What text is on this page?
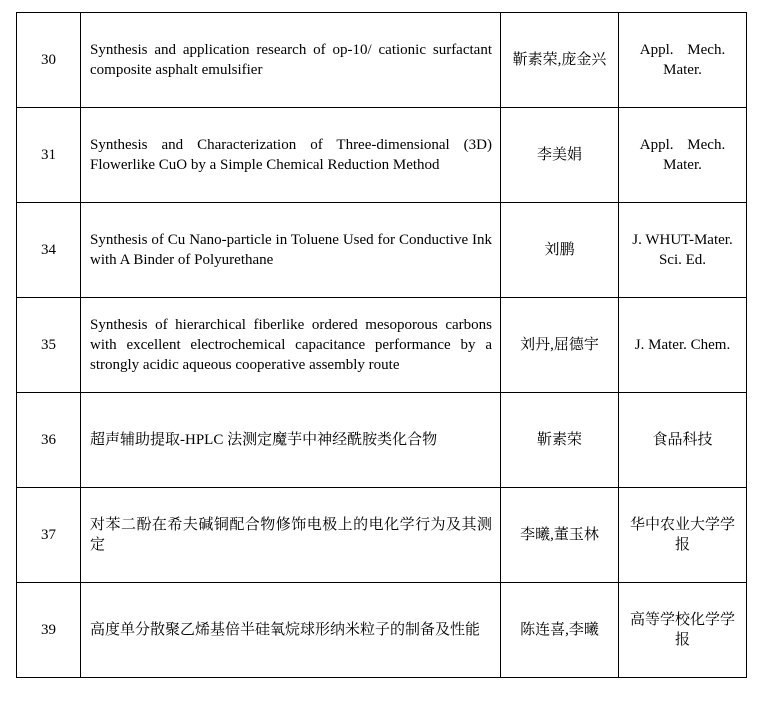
30	Synthesis and application research of op-10/ cationic surfactant composite asphalt emulsifier	靳素荣,庞金兴	Appl. Mech. Mater.
31	Synthesis and Characterization of Three-dimensional (3D) Flowerlike CuO by a Simple Chemical Reduction Method	李美娟	Appl. Mech. Mater.
34	Synthesis of Cu Nano-particle in Toluene Used for Conductive Ink with A Binder of Polyurethane	刘鹏	J. WHUT-Mater. Sci. Ed.
35	Synthesis of hierarchical fiberlike ordered mesoporous carbons with excellent electrochemical capacitance performance by a strongly acidic aqueous cooperative assembly route	刘丹,屈德宇	J. Mater. Chem.
36	超声辅助提取-HPLC 法测定魔芋中神经酰胺类化合物	靳素荣	食品科技
37	对苯二酚在希夫碱铜配合物修饰电极上的电化学行为及其测定	李曦,董玉林	华中农业大学学报
39	高度单分散聚乙烯基倍半硅氧烷球形纳米粒子的制备及性能	陈连喜,李曦	高等学校化学学报
